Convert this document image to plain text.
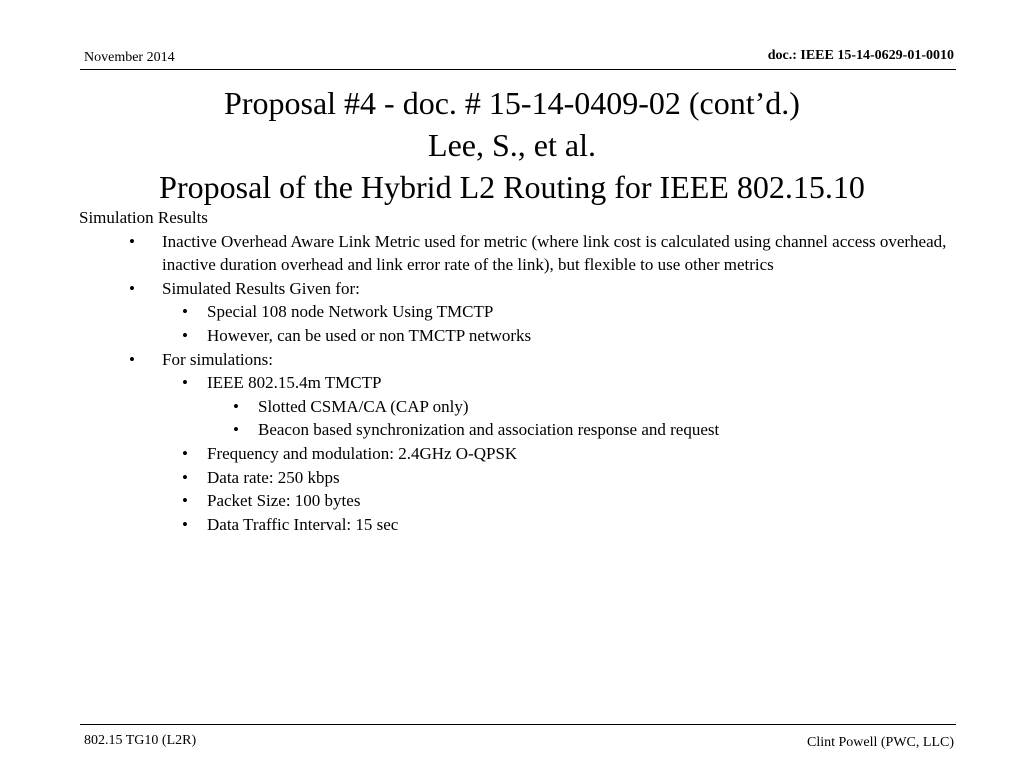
November 2014	doc.: IEEE 15-14-0629-01-0010
Proposal #4 - doc. # 15-14-0409-02 (cont’d.)
Lee, S., et al.
Proposal of the Hybrid L2 Routing for IEEE 802.15.10
Simulation Results
• Inactive Overhead Aware Link Metric used for metric (where link cost is calculated using channel access overhead, inactive duration overhead and link error rate of the link), but flexible to use other metrics
• Simulated Results Given for:
• Special 108 node Network Using TMCTP
• However, can be used or non TMCTP networks
• For simulations:
• IEEE 802.15.4m TMCTP
• Slotted CSMA/CA (CAP only)
• Beacon based synchronization and association response and request
• Frequency and modulation: 2.4GHz O-QPSK
• Data rate: 250 kbps
• Packet Size: 100 bytes
• Data Traffic Interval: 15 sec
802.15 TG10 (L2R)	Clint Powell (PWC, LLC)
